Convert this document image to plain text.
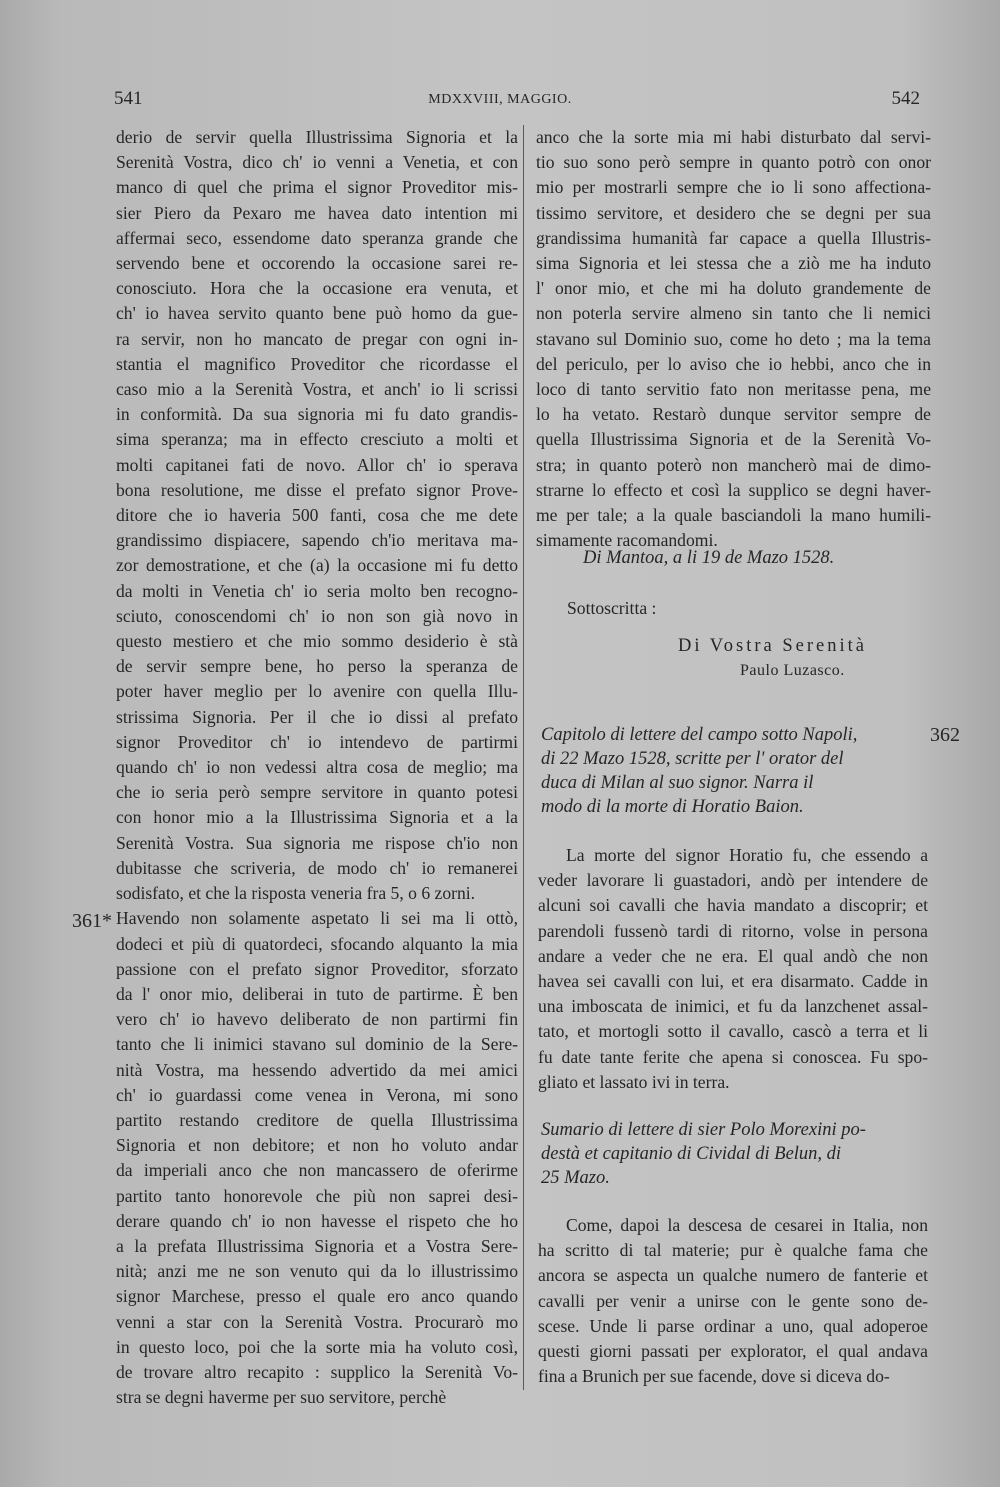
541	MDXXVIII, MAGGIO.	542
361*
362
derio de servir quella Illustrissima Signoria et la
Serenità Vostra, dico ch' io venni a Venetia, et con
manco di quel che prima el signor Proveditor mis-
sier Piero da Pexaro me havea dato intention mi
affermai seco, essendome dato speranza grande che
servendo bene et occorendo la occasione sarei re-
conosciuto. Hora che la occasione era venuta, et
ch' io havea servito quanto bene può homo da gue-
ra servir, non ho mancato de pregar con ogni in-
stantia el magnifico Proveditor che ricordasse el
caso mio a la Serenità Vostra, et anch' io li scrissi
in conformità. Da sua signoria mi fu dato grandis-
sima speranza; ma in effecto cresciuto a molti et
molti capitanei fati de novo. Allor ch' io sperava
bona resolutione, me disse el prefato signor Prove-
ditore che io haveria 500 fanti, cosa che me dete
grandissimo dispiacere, sapendo ch'io meritava ma-
zor demostratione, et che (a) la occasione mi fu detto
da molti in Venetia ch' io seria molto ben recogno-
sciuto, conoscendomi ch' io non son già novo in
questo mestiero et che mio sommo desiderio è stà
de servir sempre bene, ho perso la speranza de
poter haver meglio per lo avenire con quella Illu-
strissima Signoria. Per il che io dissi al prefato
signor Proveditor ch' io intendevo de partirmi
quando ch' io non vedessi altra cosa de meglio; ma
che io seria però sempre servitore in quanto potesi
con honor mio a la Illustrissima Signoria et a la
Serenità Vostra. Sua signoria me rispose ch'io non
dubitasse che scriveria, de modo ch' io remanerei
sodisfato, et che la risposta veneria fra 5, o 6 zorni.
Havendo non solamente aspetato li sei ma li ottò,
dodeci et più di quatordeci, sfocando alquanto la mia
passione con el prefato signor Proveditor, sforzato
da l' onor mio, deliberai in tuto de partirme. È ben
vero ch' io havevo deliberato de non partirmi fin
tanto che li inimici stavano sul dominio de la Sere-
nità Vostra, ma hessendo advertido da mei amici
ch' io guardassi come venea in Verona, mi sono
partito restando creditore de quella Illustrissima
Signoria et non debitore; et non ho voluto andar
da imperiali anco che non mancassero de oferirme
partito tanto honorevole che più non saprei desi-
derare quando ch' io non havesse el rispeto che ho
a la prefata Illustrissima Signoria et a Vostra Sere-
nità; anzi me ne son venuto qui da lo illustrissimo
signor Marchese, presso el quale ero anco quando
venni a star con la Serenità Vostra. Procurarò mo
in questo loco, poi che la sorte mia ha voluto così,
de trovare altro recapito : supplico la Serenità Vo-
stra se degni haverme per suo servitore, perchè
anco che la sorte mia mi habi disturbato dal servi-
tio suo sono però sempre in quanto potrò con onor
mio per mostrarli sempre che io li sono affectiona-
tissimo servitore, et desidero che se degni per sua
grandissima humanità far capace a quella Illustris-
sima Signoria et lei stessa che a ziò me ha induto
l' onor mio, et che mi ha doluto grandemente de
non poterla servire almeno sin tanto che li nemici
stavano sul Dominio suo, come ho deto ; ma la tema
del periculo, per lo aviso che io hebbi, anco che in
loco di tanto servitio fato non meritasse pena, me
lo ha vetato. Restarò dunque servitor sempre de
quella Illustrissima Signoria et de la Serenità Vo-
stra; in quanto poterò non mancherò mai de dimo-
strarne lo effecto et così la supplico se degni haver-
me per tale; a la quale basciandoli la mano humili-
simamente racomandomi.
Di Mantoa, a li 19 de Mazo 1528.
Sottoscritta :
Di Vostra Serenità
Paulo Luzasco.
Capitolo di lettere del campo sotto Napoli,
di 22 Mazo 1528, scritte per l' orator del
duca di Milan al suo signor. Narra il
modo di la morte di Horatio Baion.
La morte del signor Horatio fu, che essendo a
veder lavorare li guastadori, andò per intendere de
alcuni soi cavalli che havia mandato a discoprir; et
parendoli fussenò tardi di ritorno, volse in persona
andare a veder che ne era. El qual andò che non
havea sei cavalli con lui, et era disarmato. Cadde in
una imboscata de inimici, et fu da lanzchenet assal-
tato, et mortogli sotto il cavallo, cascò a terra et li
fu date tante ferite che apena si conoscea. Fu spo-
gliato et lassato ivi in terra.
Sumario di lettere di sier Polo Morexini po-
destà et capitanio di Cividal di Belun, di
25 Mazo.
Come, dapoi la descesa de cesarei in Italia, non
ha scritto di tal materie; pur è qualche fama che
ancora se aspecta un qualche numero de fanterie et
cavalli per venir a unirse con le gente sono de-
scese. Unde li parse ordinar a uno, qual adoperoe
questi giorni passati per explorator, el qual andava
fina a Brunich per sue facende, dove si diceva do-
